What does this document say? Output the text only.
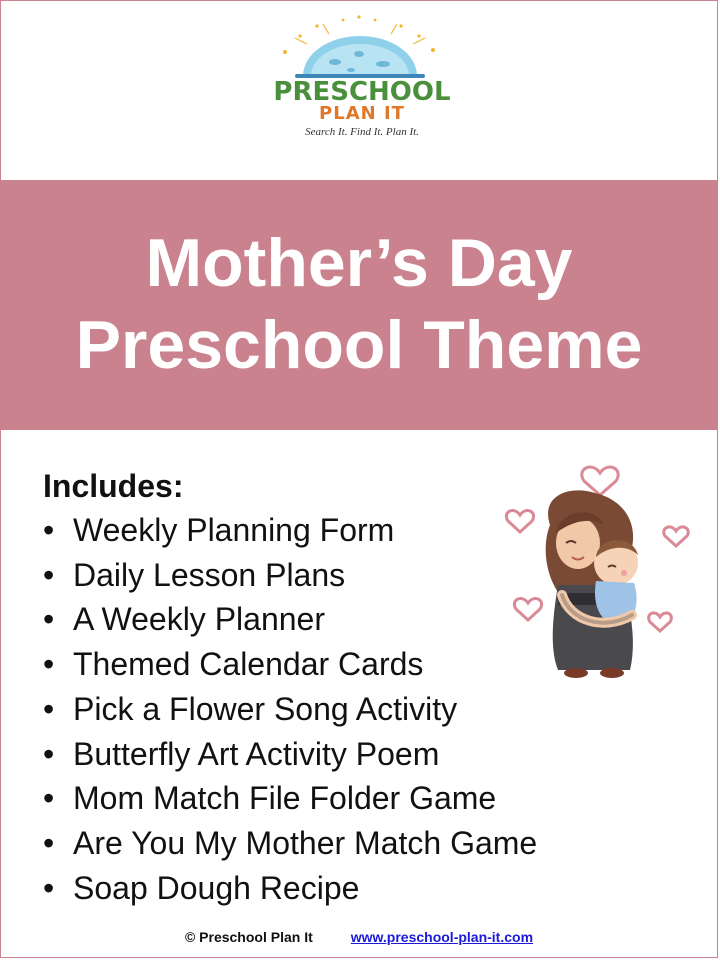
PRESCHOOL
PLAN IT
Search It. Find It. Plan It.
Mother’s Day
Preschool Theme
Includes:
• Weekly Planning Form
• Daily Lesson Plans
• A Weekly Planner
• Themed Calendar Cards
• Pick a Flower Song Activity
• Butterfly Art Activity Poem
• Mom Match File Folder Game
• Are You My Mother Match Game
• Soap Dough Recipe
© Preschool Plan It	www.preschool-plan-it.com
